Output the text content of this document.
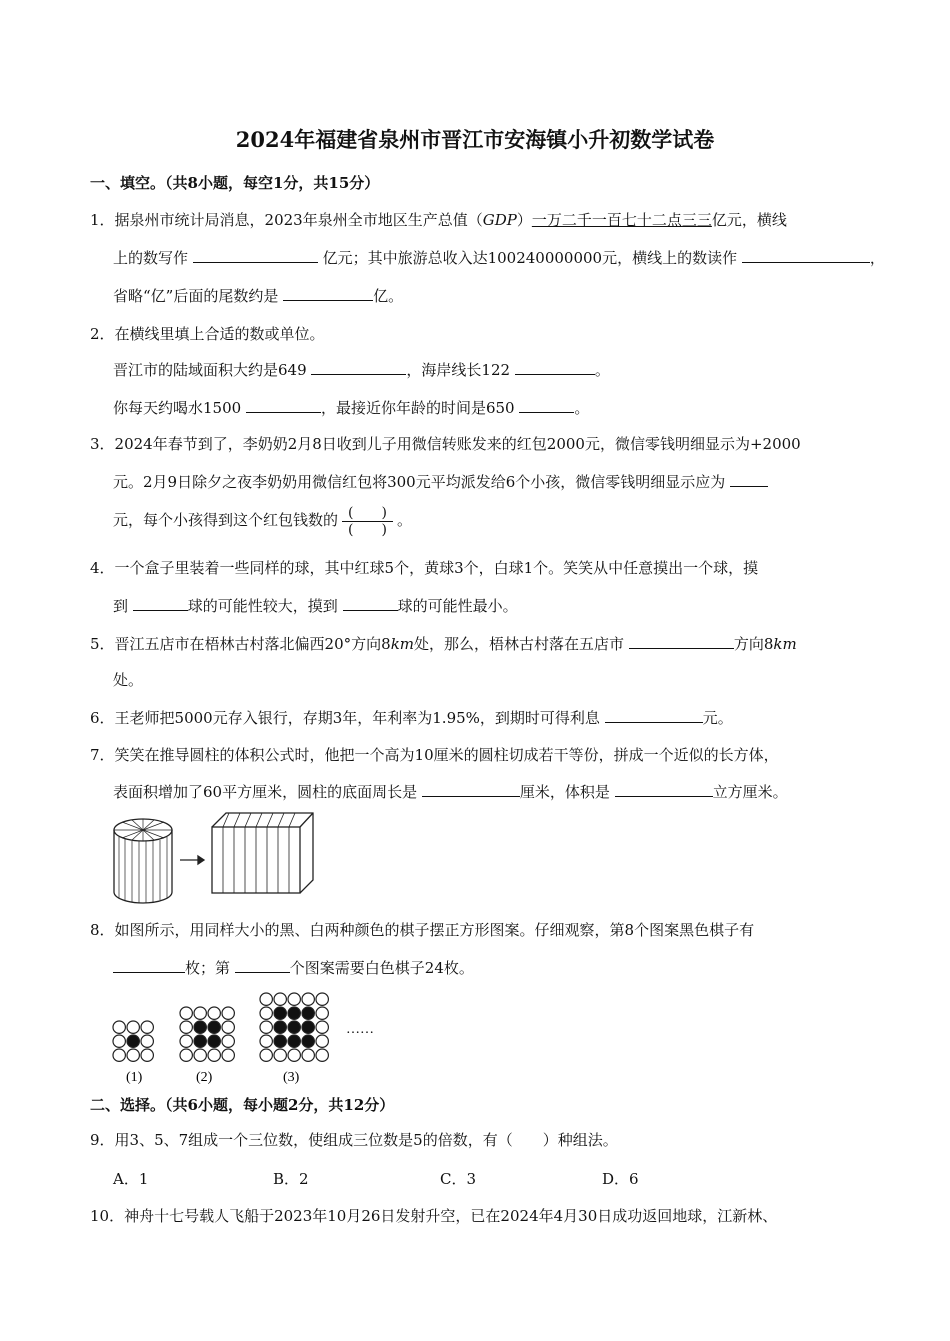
2024年福建省泉州市晋江市安海镇小升初数学试卷
一、填空。（共8小题，每空1分，共15分）
1．据泉州市统计局消息，2023年泉州全市地区生产总值（GDP）一万二千一百七十二点三三亿元，横线
上的数写作	亿元；其中旅游总收入达100240000000元，横线上的数读作	，
省略“亿”后面的尾数约是	亿。
2．在横线里填上合适的数或单位。
晋江市的陆域面积大约是649	，海岸线长122	。
你每天约喝水1500	，最接近你年龄的时间是650	。
3．2024年春节到了，李奶奶2月8日收到儿子用微信转账发来的红包2000元，微信零钱明细显示为+2000
元。2月9日除夕之夜李奶奶用微信红包将300元平均派发给6个小孩，微信零钱明细显示应为
元，每个小孩得到这个红包钱数的 $\frac{( )}{( )}$ 。
4．一个盒子里装着一些同样的球，其中红球5个，黄球3个，白球1个。笑笑从中任意摸出一个球，摸
到	球的可能性较大，摸到	球的可能性最小。
5．晋江五店市在梧林古村落北偏西20°方向8km处，那么，梧林古村落在五店市	方向8km
处。
6．王老师把5000元存入银行，存期3年，年利率为1.95%，到期时可得利息	元。
7．笑笑在推导圆柱的体积公式时，他把一个高为10厘米的圆柱切成若干等份，拼成一个近似的长方体，
表面积增加了60平方厘米，圆柱的底面周长是	厘米，体积是	立方厘米。
8．如图所示，用同样大小的黑、白两种颜色的棋子摆正方形图案。仔细观察，第8个图案黑色棋子有
枚；第	个图案需要白色棋子24枚。
(1)	(2)	(3)
……
二、选择。（共6小题，每小题2分，共12分）
9．用3、5、7组成一个三位数，使组成三位数是5的倍数，有（　　）种组法。
A．1	B．2	C．3	D．6
10．神舟十七号载人飞船于2023年10月26日发射升空，已在2024年4月30日成功返回地球，江新林、
